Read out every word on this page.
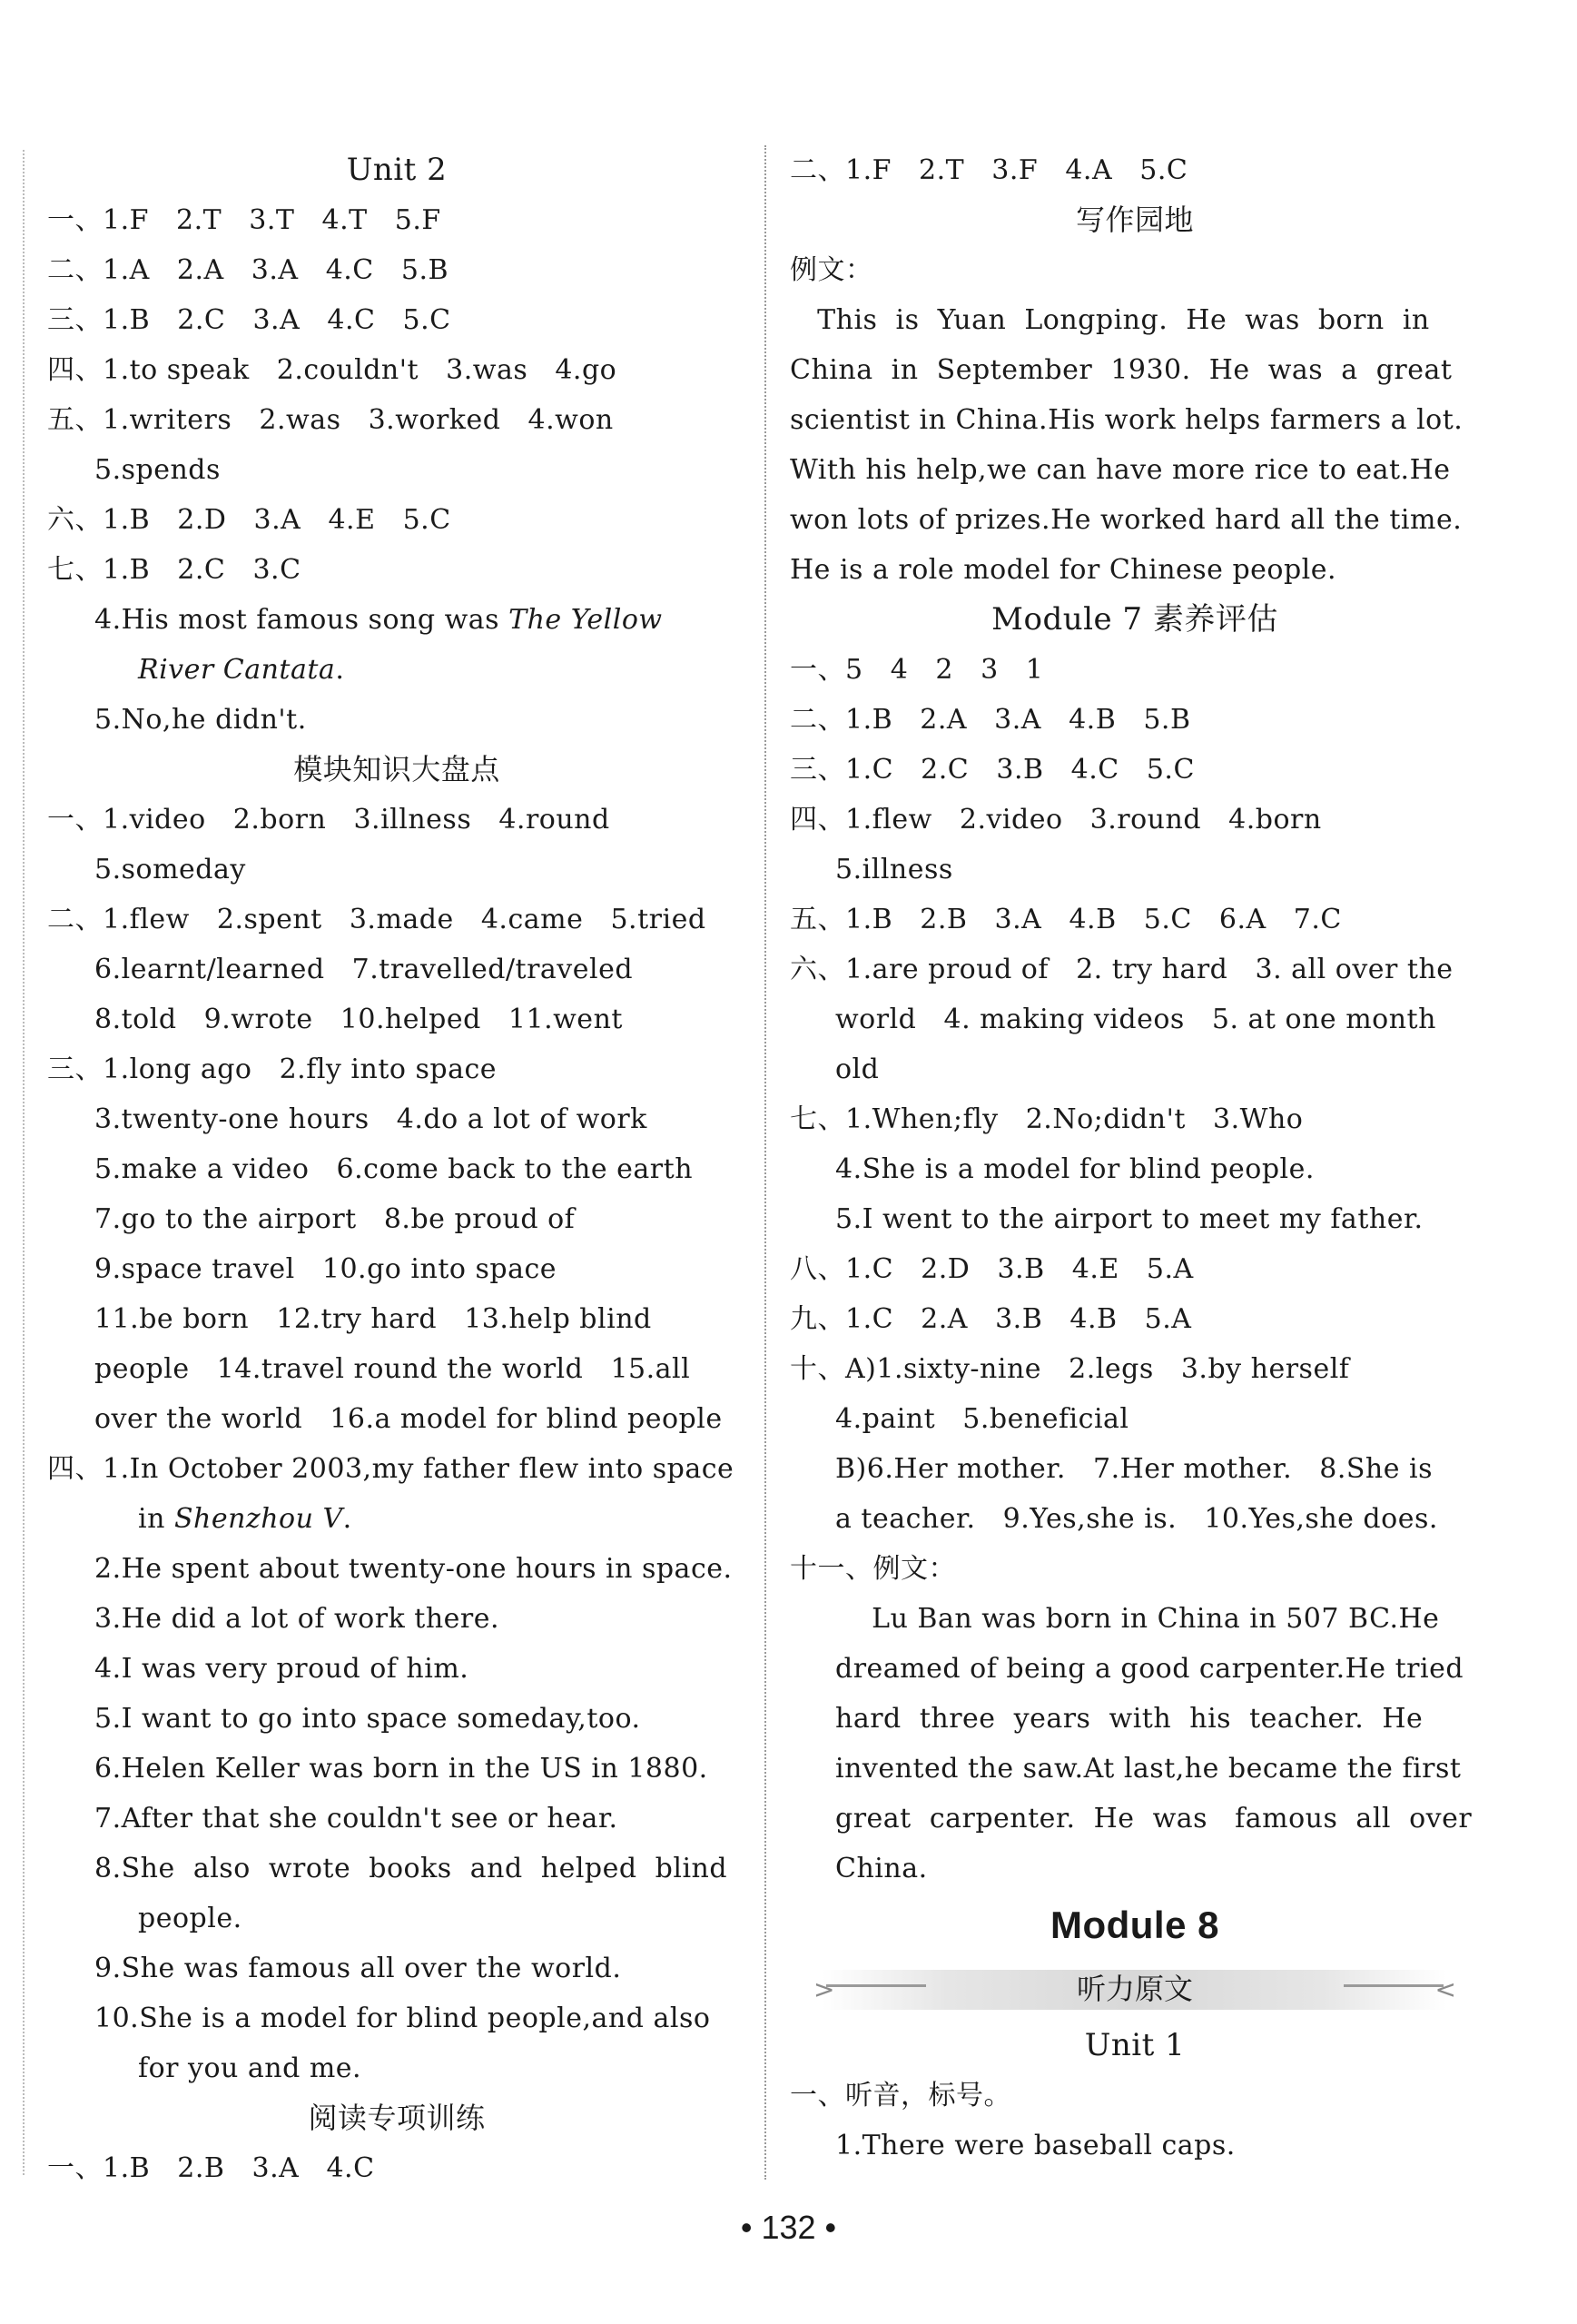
Unit 2
一、1.F   2.T   3.T   4.T   5.F
二、1.A   2.A   3.A   4.C   5.B
三、1.B   2.C   3.A   4.C   5.C
四、1.to speak   2.couldn't   3.was   4.go
五、1.writers   2.was   3.worked   4.won
5.spends
六、1.B   2.D   3.A   4.E   5.C
七、1.B   2.C   3.C
4.His most famous song was The Yellow
River Cantata.
5.No,he didn't.
模块知识大盘点
一、1.video   2.born   3.illness   4.round
5.someday
二、1.flew   2.spent   3.made   4.came   5.tried
6.learnt/learned   7.travelled/traveled
8.told   9.wrote   10.helped   11.went
三、1.long ago   2.fly into space
3.twenty-one hours   4.do a lot of work
5.make a video   6.come back to the earth
7.go to the airport   8.be proud of
9.space travel   10.go into space
11.be born   12.try hard   13.help blind
people   14.travel round the world   15.all
over the world   16.a model for blind people
四、1.In October 2003,my father flew into space
in Shenzhou V.
2.He spent about twenty-one hours in space.
3.He did a lot of work there.
4.I was very proud of him.
5.I want to go into space someday,too.
6.Helen Keller was born in the US in 1880.
7.After that she couldn't see or hear.
8.She  also  wrote  books  and  helped  blind
people.
9.She was famous all over the world.
10.She is a model for blind people,and also
for you and me.
阅读专项训练
一、1.B   2.B   3.A   4.C
二、1.F   2.T   3.F   4.A   5.C
写作园地
例文：
This  is  Yuan  Longping.  He  was  born  in
China  in  September  1930.  He  was  a  great
scientist in China.His work helps farmers a lot.
With his help,we can have more rice to eat.He
won lots of prizes.He worked hard all the time.
He is a role model for Chinese people.
Module 7 素养评估
一、5   4   2   3   1
二、1.B   2.A   3.A   4.B   5.B
三、1.C   2.C   3.B   4.C   5.C
四、1.flew   2.video   3.round   4.born
5.illness
五、1.B   2.B   3.A   4.B   5.C   6.A   7.C
六、1.are proud of   2. try hard   3. all over the
world   4. making videos   5. at one month
old
七、1.When;fly   2.No;didn't   3.Who
4.She is a model for blind people.
5.I went to the airport to meet my father.
八、1.C   2.D   3.B   4.E   5.A
九、1.C   2.A   3.B   4.B   5.A
十、A)1.sixty-nine   2.legs   3.by herself
4.paint   5.beneficial
B)6.Her mother.   7.Her mother.   8.She is
a teacher.   9.Yes,she is.   10.Yes,she does.
十一、例文：
Lu Ban was born in China in 507 BC.He
dreamed of being a good carpenter.He tried
hard  three  years  with  his  teacher.  He
invented the saw.At last,he became the first
great  carpenter.  He  was   famous  all  over
China.
Module 8
>	<
听力原文
Unit 1
一、听音，标号。
1.There were baseball caps.
• 132 •
